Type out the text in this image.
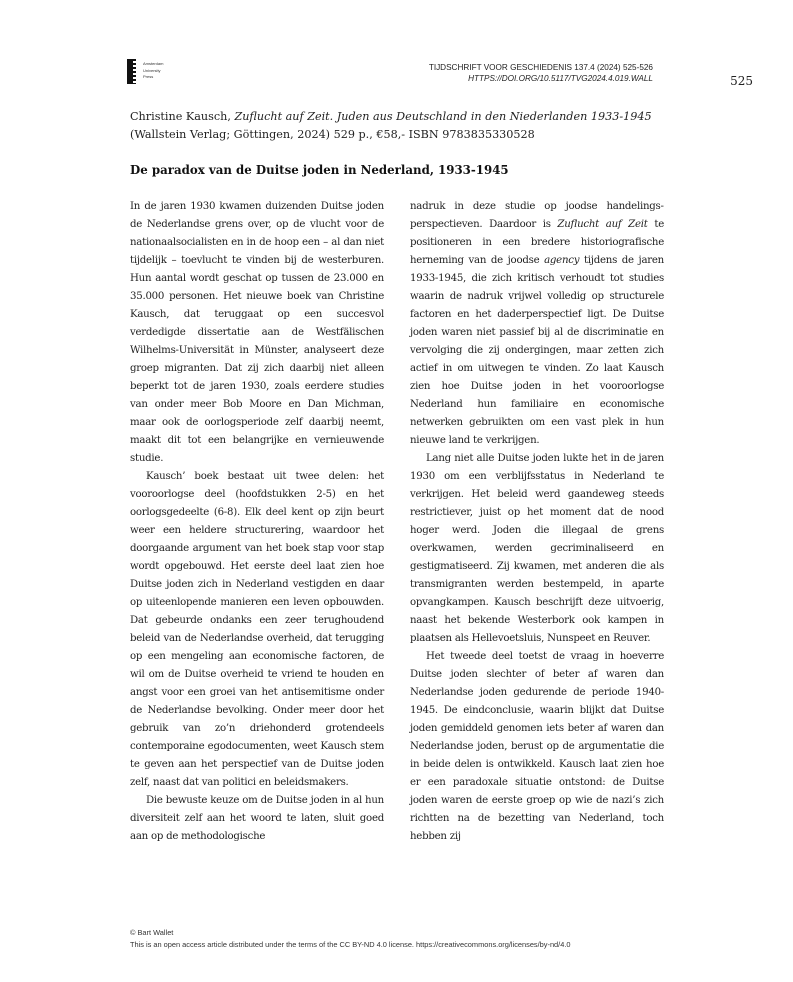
Amsterdam
University
Press
TIJDSCHRIFT VOOR GESCHIEDENIS 137.4 (2024) 525-526
HTTPS://DOI.ORG/10.5117/TVG2024.4.019.WALL	525
Christine Kausch, Zuflucht auf Zeit. Juden aus Deutschland in den Niederlanden 1933-1945
(Wallstein Verlag; Göttingen, 2024) 529 p., €58,- ISBN 9783835330528
De paradox van de Duitse joden in Nederland, 1933-1945

In de jaren 1930 kwamen duizenden Duitse joden de Nederlandse grens over, op de vlucht voor de nationaalsocialisten en in de hoop een – al dan niet tijdelijk – toevlucht te vinden bij de westerburen. Hun aantal wordt geschat op tussen de 23.000 en 35.000 personen. Het nieuwe boek van Christine Kausch, dat teruggaat op een succesvol verdedigde dissertatie aan de Westfälischen Wilhelms-Universität in Münster, analyseert deze groep migranten. Dat zij zich daarbij niet alleen beperkt tot de jaren 1930, zoals eerdere studies van onder meer Bob Moore en Dan Michman, maar ook de oorlogsperiode zelf daarbij neemt, maakt dit tot een belangrijke en vernieuwende studie.

Kausch’ boek bestaat uit twee delen: het vooroorlogse deel (hoofdstukken 2-5) en het oorlogsgedeelte (6-8). Elk deel kent op zijn beurt weer een heldere structurering, waardoor het doorgaande argument van het boek stap voor stap wordt opgebouwd. Het eerste deel laat zien hoe Duitse joden zich in Nederland vestigden en daar op uiteenlopende manieren een leven opbouwden. Dat gebeurde ondanks een zeer terughoudend beleid van de Nederlandse overheid, dat terugging op een mengeling aan economische factoren, de wil om de Duitse overheid te vriend te houden en angst voor een groei van het antisemitisme onder de Nederlandse bevolking. Onder meer door het gebruik van zo’n driehonderd grotendeels contemporaine egodocumenten, weet Kausch stem te geven aan het perspectief van de Duitse joden zelf, naast dat van politici en beleidsmakers.

Die bewuste keuze om de Duitse joden in al hun diversiteit zelf aan het woord te laten, sluit goed aan op de methodologische

nadruk in deze studie op joodse handelingsperspectieven. Daardoor is Zuflucht auf Zeit te positioneren in een bredere historiografische herneming van de joodse agency tijdens de jaren 1933-1945, die zich kritisch verhoudt tot studies waarin de nadruk vrijwel volledig op structurele factoren en het daderperspectief ligt. De Duitse joden waren niet passief bij al de discriminatie en vervolging die zij ondergingen, maar zetten zich actief in om uitwegen te vinden. Zo laat Kausch zien hoe Duitse joden in het vooroorlogse Nederland hun familiaire en economische netwerken gebruikten om een vast plek in hun nieuwe land te verkrijgen.

Lang niet alle Duitse joden lukte het in de jaren 1930 om een verblijfsstatus in Nederland te verkrijgen. Het beleid werd gaandeweg steeds restrictiever, juist op het moment dat de nood hoger werd. Joden die illegaal de grens overkwamen, werden gecriminaliseerd en gestigmatiseerd. Zij kwamen, met anderen die als transmigranten werden bestempeld, in aparte opvangkampen. Kausch beschrijft deze uitvoerig, naast het bekende Westerbork ook kampen in plaatsen als Hellevoetsluis, Nunspeet en Reuver.

Het tweede deel toetst de vraag in hoeverre Duitse joden slechter of beter af waren dan Nederlandse joden gedurende de periode 1940-1945. De eindconclusie, waarin blijkt dat Duitse joden gemiddeld genomen iets beter af waren dan Nederlandse joden, berust op de argumentatie die in beide delen is ontwikkeld. Kausch laat zien hoe er een paradoxale situatie ontstond: de Duitse joden waren de eerste groep op wie de nazi’s zich richtten na de bezetting van Nederland, toch hebben zij

© Bart Wallet
This is an open access article distributed under the terms of the CC BY-ND 4.0 license. https://creativecommons.org/licenses/by-nd/4.0
